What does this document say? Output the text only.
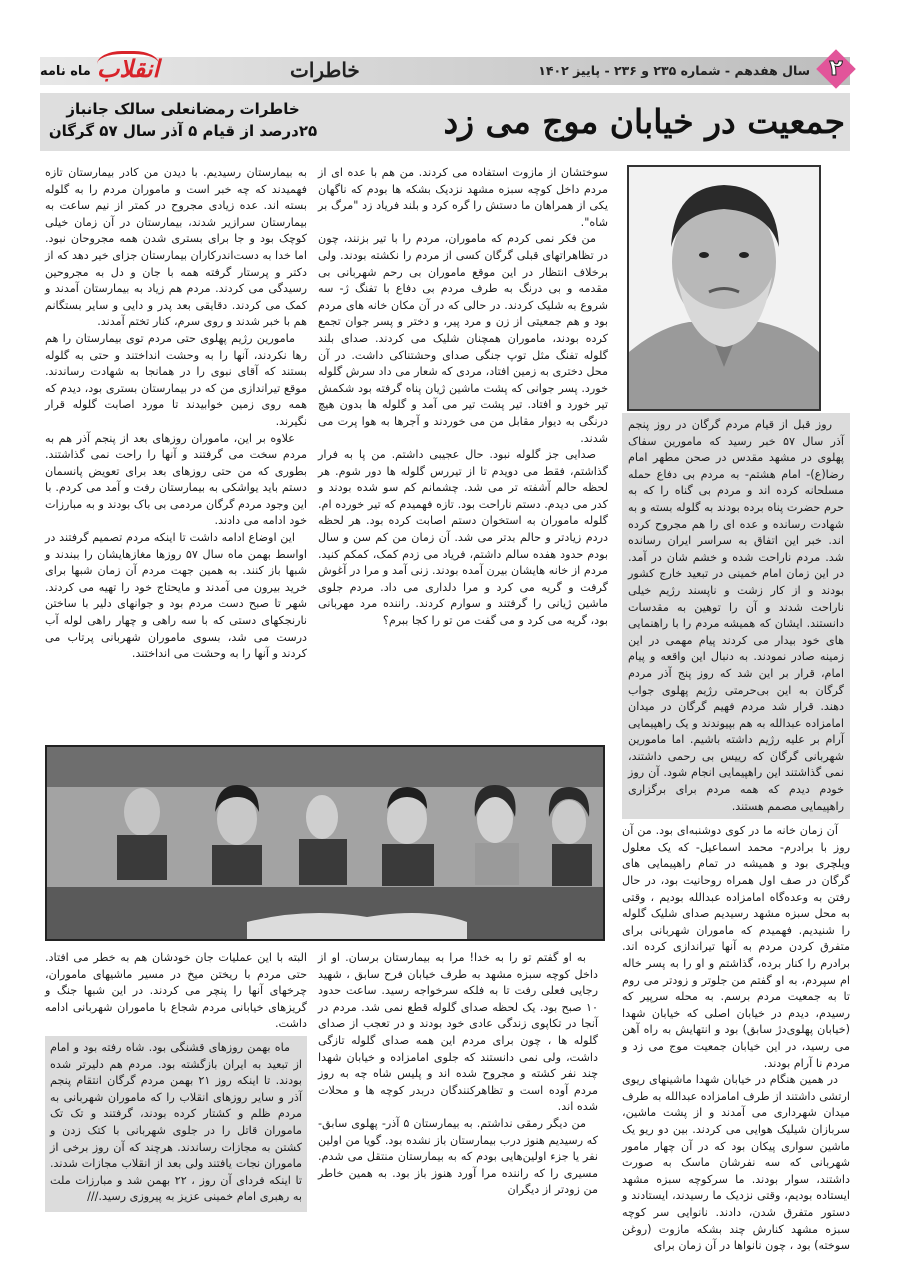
۲
سال هفدهم - شماره ۲۳۵ و ۲۳۶ - پاییز ۱۴۰۲
خاطرات
ماه نامه انقلاب
جمعیت در خیابان موج می زد
خاطرات رمضانعلی سالک جانباز
۲۵درصد از قیام ۵ آذر سال ۵۷ گرگان

روز قبل از قیام مردم گرگان در روز پنجم آذر سال ۵۷ خبر رسید که مامورین سفاک پهلوی در مشهد مقدس در صحن مطهر امام رضا(ع)- امام هشتم- به مردم بی دفاع حمله مسلحانه کرده اند و مردم بی گناه را که به حرم حضرت پناه برده بودند به گلوله بسته و به شهادت رسانده و عده ای را هم مجروح کرده اند. خبر این اتفاق به سراسر ایران رسانده شد. مردم ناراحت شده و خشم شان در آمد. در این زمان امام خمینی در تبعید خارج کشور بودند و از کار زشت و ناپسند رژیم خیلی ناراحت شدند و آن را توهین به مقدسات دانستند. ایشان که همیشه مردم را با راهنمایی های خود بیدار می کردند پیام مهمی در این زمینه صادر نمودند. به دنبال این واقعه و پیام امام، قرار بر این شد که روز پنج آذر مردم گرگان به این بی‌حرمتی رژیم پهلوی جواب دهند. قرار شد مردم فهیم گرگان در میدان امامزاده عبدالله به هم بپیوندند و یک راهپیمایی آرام بر علیه رژیم داشته باشیم. اما مامورین شهربانی گرگان که رییس بی رحمی داشتند، نمی گذاشتند این راهپیمایی انجام شود. آن روز خودم دیدم که همه مردم برای برگزاری راهپیمایی مصمم هستند.

آن زمان خانه ما در کوی دوشنبه‌ای بود. من آن روز با برادرم- محمد اسماعیل- که یک معلول ویلچری بود و همیشه در تمام راهپیمایی های گرگان در صف اول همراه روحانیت بود، در حال رفتن به وعده‌گاه امامزاده عبدالله بودیم ، وقتی به محل سبزه مشهد رسیدیم صدای شلیک گلوله را شنیدیم. فهمیدم که ماموران شهربانی برای متفرق کردن مردم به آنها تیراندازی کرده اند. برادرم را کنار برده، گذاشتم و او را به پسر خاله ام سپردم، به او گفتم من جلوتر و زودتر می روم تا به جمعیت مردم برسم. به محله سرپیر که رسیدم، دیدم در خیابان اصلی که خیابان شهدا (خیابان پهلوی‌دژ سابق) بود و انتهایش به راه آهن می رسید، در این خیابان جمعیت موج می زد و مردم نا آرام بودند.

در همین هنگام در خیابان شهدا ماشینهای ریوی ارتشی داشتند از طرف امامزاده عبدالله به طرف میدان شهرداری می آمدند و از پشت ماشین، سربازان شیلیک هوایی می کردند. بین دو ریو یک ماشین سواری پیکان بود که در آن چهار مامور شهربانی که سه نفرشان ماسک به صورت داشتند، سوار بودند. ما سرکوچه سبزه مشهد ایستاده بودیم، وقتی نزدیک ما رسیدند، ایستادند و دستور متفرق شدن، دادند. نانوایی سر کوچه سبزه مشهد کنارش چند بشکه مازوت (روغن سوخته) بود ، چون نانواها در آن زمان برای

سوختشان از مازوت استفاده می کردند. من هم با عده ای از مردم داخل کوچه سبزه مشهد نزدیک بشکه ها بودم که ناگهان یکی از همراهان ما دستش را گره کرد و بلند فریاد زد "مرگ بر شاه".

من فکر نمی کردم که ماموران، مردم را با تیر بزنند، چون در تظاهراتهای قبلی گرگان کسی از مردم را نکشته بودند. ولی برخلاف انتظار در این موقع ماموران بی رحم شهربانی بی مقدمه و بی درنگ به طرف مردم بی دفاع با تفنگ ژ- سه شروع به شلیک کردند. در حالی که در آن مکان خانه های مردم بود و هم جمعیتی از زن و مرد پیر، و دختر و پسر جوان تجمع کرده بودند، ماموران همچنان شلیک می کردند. صدای بلند گلوله تفنگ مثل توپ جنگی صدای وحشتناکی داشت. در آن محل دختری به زمین افتاد، مردی که شعار می داد سرش گلوله خورد. پسر جوانی که پشت ماشین ژیان پناه گرفته بود شکمش تیر خورد و افتاد. تیر پشت تیر می آمد و گلوله ها بدون هیچ درنگی به دیوار مقابل من می خوردند و آجرها به هوا پرت می شدند.

صدایی جز گلوله نبود. حال عجیبی داشتم. من پا به فرار گذاشتم، فقط می دویدم تا از تیررس گلوله ها دور شوم. هر لحظه حالم آشفته تر می شد. چشمانم کم سو شده بودند و کدر می دیدم. دستم ناراحت بود. تازه فهمیدم که تیر خورده ام. گلوله ماموران به استخوان دستم اصابت کرده بود. هر لحظه دردم زیادتر و حالم بدتر می شد. آن زمان من کم سن و سال بودم حدود هفده سالم داشتم، فریاد می زدم کمک، کمکم کنید. مردم از خانه هایشان بیرن آمده بودند. زنی آمد و مرا در آغوش گرفت و گریه می کرد و مرا دلداری می داد. مردم جلوی ماشین ژیانی را گرفتند و سوارم کردند. راننده مرد مهربانی بود، گریه می کرد و می گفت من تو را کجا ببرم؟

به بیمارستان رسیدیم. با دیدن من کادر بیمارستان تازه فهمیدند که چه خبر است و ماموران مردم را به گلوله بسته اند. عده زیادی مجروح در کمتر از نیم ساعت به بیمارستان سرازیر شدند، بیمارستان در آن زمان خیلی کوچک بود و جا برای بستری شدن همه مجروحان نبود. اما خدا به دست‌اندرکاران بیمارستان جزای خیر دهد که از دکتر و پرستار گرفته همه با جان و دل به مجروحین رسیدگی می کردند. مردم هم زیاد به بیمارستان آمدند و کمک می کردند. دقایقی بعد پدر و دایی و سایر بستگانم هم با خبر شدند و روی سرم، کنار تختم آمدند.

مامورین رژیم پهلوی حتی مردم توی بیمارستان را هم رها نکردند، آنها را به وحشت انداختند و حتی به گلوله بستند که آقای نبوی را در همانجا به شهادت رساندند. موقع تیراندازی من که در بیمارستان بستری بود، دیدم که همه روی زمین خوابیدند تا مورد اصابت گلوله قرار نگیرند.

علاوه بر این، ماموران روزهای بعد از پنجم آذر هم به مردم سخت می گرفتند و آنها را راحت نمی گذاشتند. بطوری که من حتی روزهای بعد برای تعویض پانسمان دستم باید یواشکی به بیمارستان رفت و آمد می کردم. با این وجود مردم گرگان مردمی بی باک بودند و به مبارزات خود ادامه می دادند.

این اوضاع ادامه داشت تا اینکه مردم تصمیم گرفتند در اواسط بهمن ماه سال ۵۷ روزها مغازهایشان را ببندند و شبها باز کنند. به همین جهت مردم آن زمان شبها برای خرید بیرون می آمدند و مایحتاج خود را تهیه می کردند. شهر تا صبح دست مردم بود و جوانهای دلیر با ساختن نارنجکهای دستی که با سه راهی و چهار راهی لوله آب درست می شد، بسوی ماموران شهربانی پرتاب می کردند و آنها را به وحشت می انداختند.

به او گفتم تو را به خدا! مرا به بیمارستان برسان. او از داخل کوچه سبزه مشهد به طرف خیابان فرح سابق ، شهید رجایی فعلی رفت تا به فلکه سرخواجه رسید. ساعت حدود ۱۰ صبح بود. یک لحظه صدای گلوله قطع نمی شد. مردم در آنجا در تکاپوی زندگی عادی خود بودند و در تعجب از صدای گلوله ها ، چون برای مردم این همه صدای گلوله تازگی داشت، ولی نمی دانستند که جلوی امامزاده و خیابان شهدا چند نفر کشته و مجروح شده اند و پلیس شاه چه به روز مردم آوده است و تظاهرکنندگان دربدر کوچه ها و محلات شده اند.

من دیگر رمقی نداشتم. به بیمارستان ۵ آذر- پهلوی سابق- که رسیدیم هنوز درب بیمارستان باز نشده بود. گویا من اولین نفر یا جزء اولین‌هایی بودم که به بیمارستان منتقل می شدم. مسیری را که راننده مرا آورد هنوز باز بود. به همین خاطر من زودتر از دیگران

البته با این عملیات جان خودشان هم به خطر می افتاد. حتی مردم با ریختن میخ در مسیر ماشیهای ماموران، چرخهای آنها را پنچر می کردند. در این شبها جنگ و گریزهای خیابانی مردم شجاع با ماموران شهربانی ادامه داشت.

ماه بهمن روزهای قشنگی بود. شاه رفته بود و امام از تبعید به ایران بازگشته بود. مردم هم دلیرتر شده بودند. تا اینکه روز ۲۱ بهمن مردم گرگان انتقام پنجم آذر و سایر روزهای انقلاب را که ماموران شهربانی به مردم ظلم و کشتار کرده بودند، گرفتند و تک تک ماموران قاتل را در جلوی شهربانی با کتک زدن و کشتن به مجازات رساندند. هرچند که آن روز برخی از ماموران نجات یافتند ولی بعد از انقلاب مجازات شدند. تا اینکه فردای آن روز ، ۲۲ بهمن شد و مبارزات ملت به رهبری امام خمینی عزیز به پیروزی رسید.///
